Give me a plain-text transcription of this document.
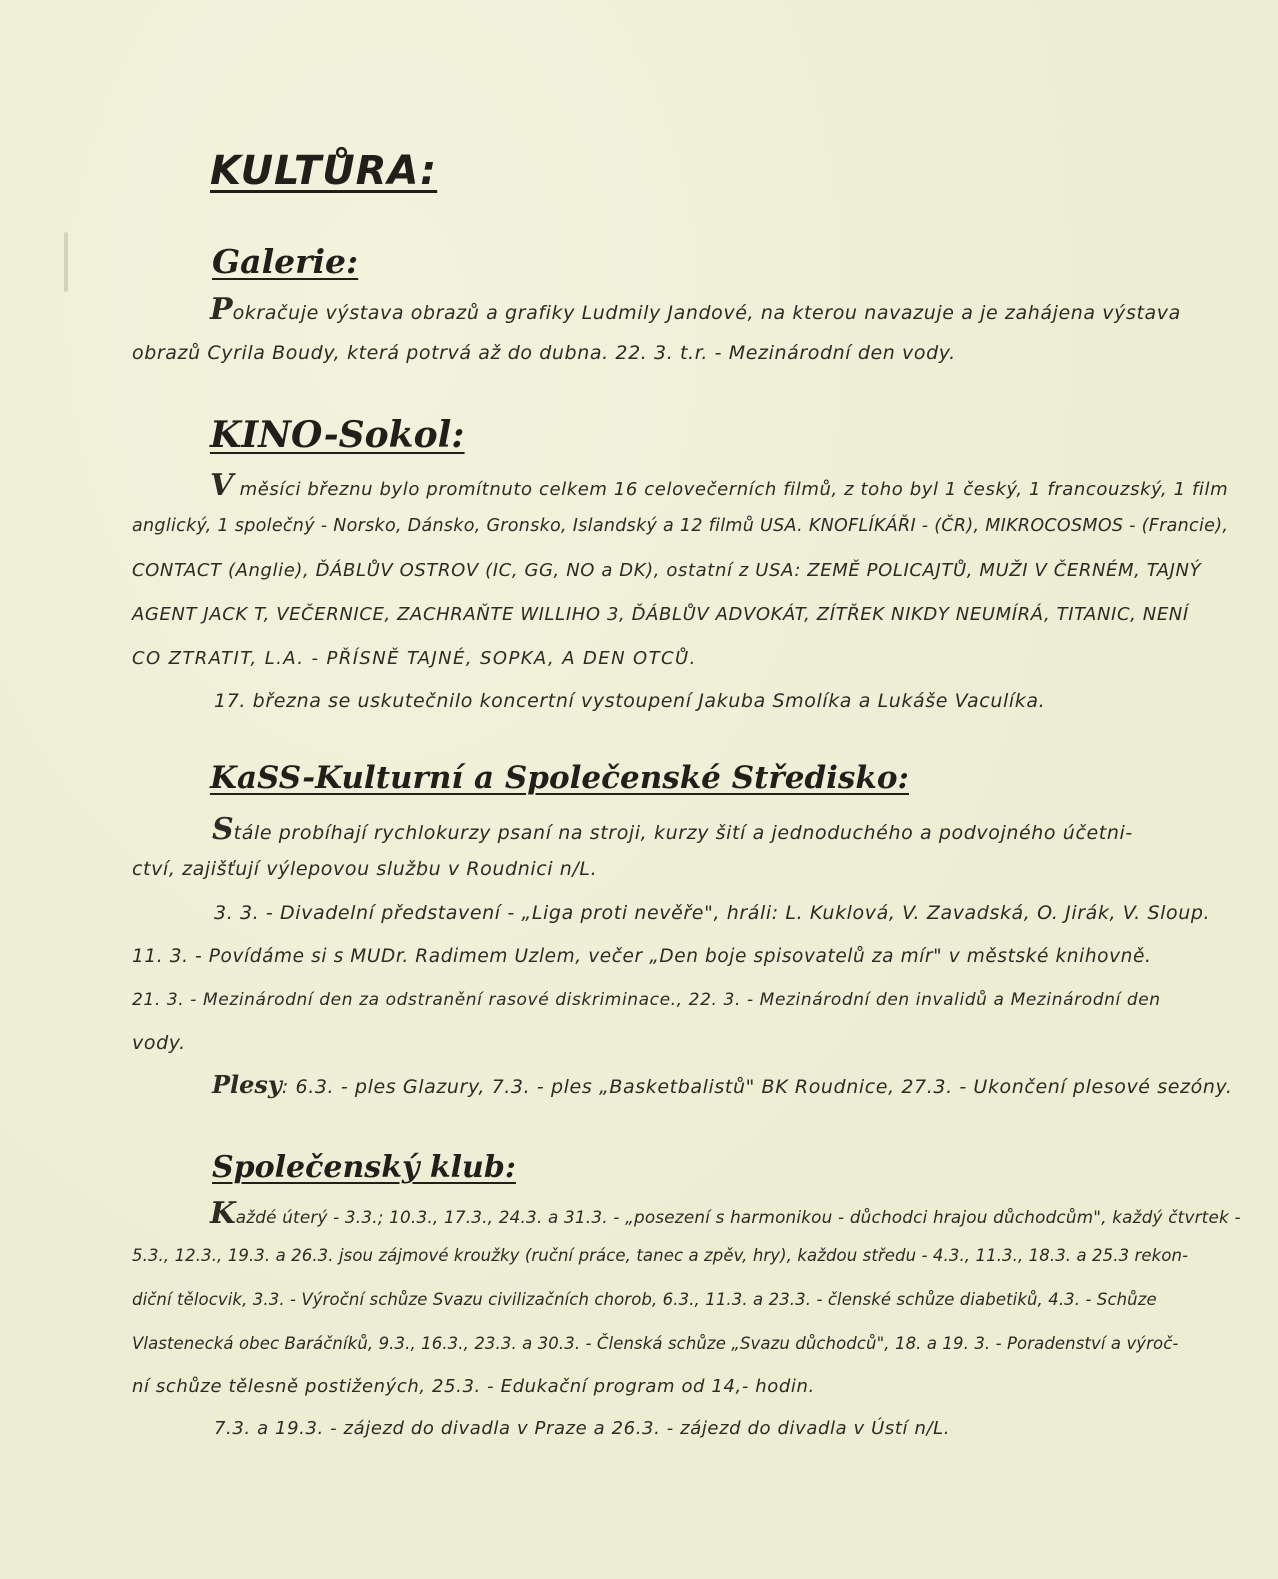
KULTŮRA:
Galerie:
Pokračuje výstava obrazů a grafiky Ludmily Jandové, na kterou navazuje a je zahájena výstava
obrazů Cyrila Boudy, která potrvá až do dubna. 22. 3. t.r. - Mezinárodní den vody.
KINO-Sokol:
V měsíci březnu bylo promítnuto celkem 16 celovečerních filmů, z toho byl 1 český, 1 francouzský, 1 film
anglický, 1 společný - Norsko, Dánsko, Gronsko, Islandský a 12 filmů USA. KNOFLÍKÁŘI - (ČR), MIKROCOSMOS - (Francie),
CONTACT (Anglie), ĎÁBLŮV OSTROV (IC, GG, NO a DK), ostatní z USA: ZEMĚ POLICAJTŮ, MUŽI V ČERNÉM, TAJNÝ
AGENT JACK T, VEČERNICE, ZACHRAŇTE WILLIHO 3, ĎÁBLŮV ADVOKÁT, ZÍTŘEK NIKDY NEUMÍRÁ, TITANIC, NENÍ
CO ZTRATIT, L.A. - PŘÍSNĚ TAJNÉ, SOPKA, A DEN OTCŮ.
17. března se uskutečnilo koncertní vystoupení Jakuba Smolíka a Lukáše Vaculíka.
KaSS-Kulturní a Společenské Středisko:
Stále probíhají rychlokurzy psaní na stroji, kurzy šití a jednoduchého a podvojného účetni-
ctví, zajišťují výlepovou službu v Roudnici n/L.
3. 3. - Divadelní představení - „Liga proti nevěře", hráli: L. Kuklová, V. Zavadská, O. Jirák, V. Sloup.
11. 3. - Povídáme si s MUDr. Radimem Uzlem, večer „Den boje spisovatelů za mír" v městské knihovně.
21. 3. - Mezinárodní den za odstranění rasové diskriminace., 22. 3. - Mezinárodní den invalidů a Mezinárodní den
vody.
Plesy: 6.3. - ples Glazury, 7.3. - ples „Basketbalistů" BK Roudnice, 27.3. - Ukončení plesové sezóny.
Společenský klub:
Každé úterý - 3.3.; 10.3., 17.3., 24.3. a 31.3. - „posezení s harmonikou - důchodci hrajou důchodcům", každý čtvrtek -
5.3., 12.3., 19.3. a 26.3. jsou zájmové kroužky (ruční práce, tanec a zpěv, hry), každou středu - 4.3., 11.3., 18.3. a 25.3 rekon-
diční tělocvik, 3.3. - Výroční schůze Svazu civilizačních chorob, 6.3., 11.3. a 23.3. - členské schůze diabetiků, 4.3. - Schůze
Vlastenecká obec Baráčníků, 9.3., 16.3., 23.3. a 30.3. - Členská schůze „Svazu důchodců", 18. a 19. 3. - Poradenství a výroč-
ní schůze tělesně postižených, 25.3. - Edukační program od 14,- hodin.
7.3. a 19.3. - zájezd do divadla v Praze a 26.3. - zájezd do divadla v Ústí n/L.
